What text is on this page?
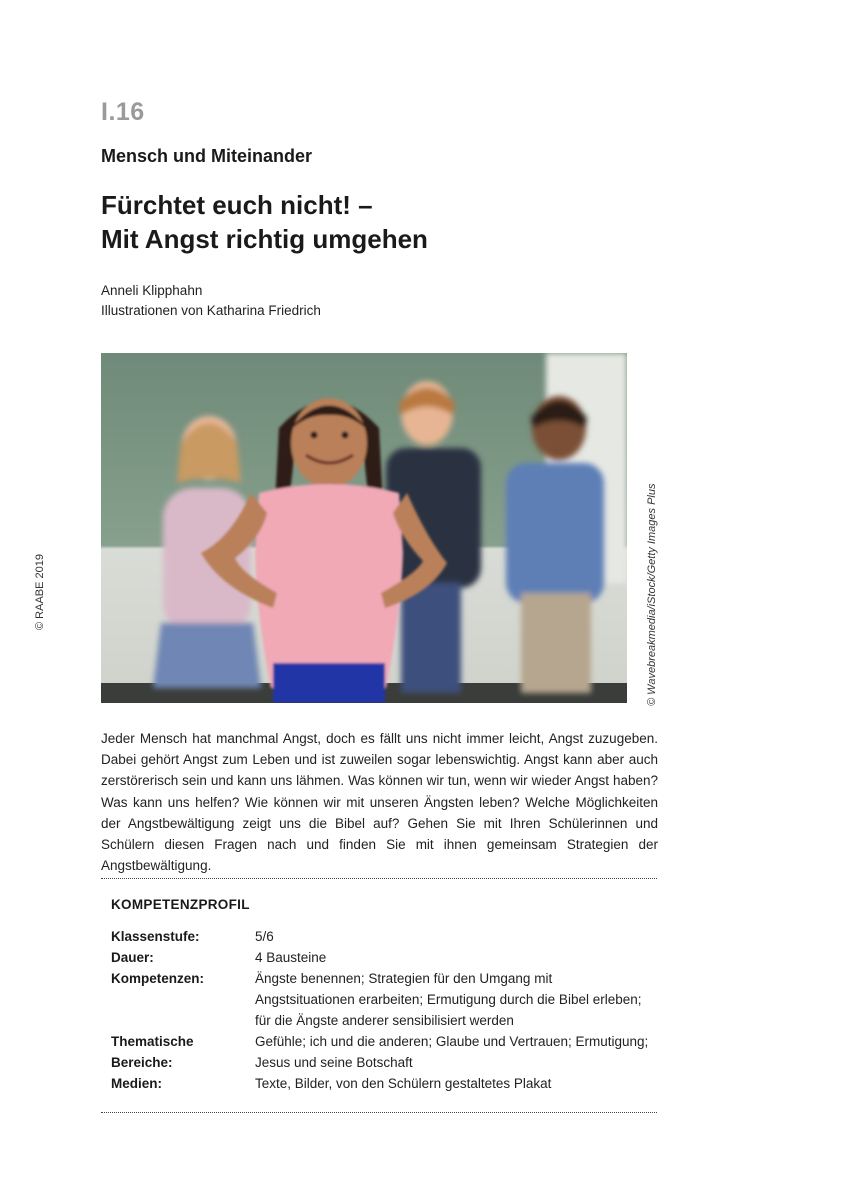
I.16
Mensch und Miteinander
Fürchtet euch nicht! –
Mit Angst richtig umgehen
Anneli Klipphahn
Illustrationen von Katharina Friedrich
© RAABE 2019	© Wavebreakmedia/iStock/Getty Images Plus

Jeder Mensch hat manchmal Angst, doch es fällt uns nicht immer leicht, Angst zuzugeben. Dabei gehört Angst zum Leben und ist zuweilen sogar lebenswichtig. Angst kann aber auch zerstörerisch sein und kann uns lähmen. Was können wir tun, wenn wir wieder Angst haben? Was kann uns helfen? Wie können wir mit unseren Ängsten leben? Welche Möglichkeiten der Angstbewältigung zeigt uns die Bibel auf? Gehen Sie mit Ihren Schülerinnen und Schülern diesen Fragen nach und finden Sie mit ihnen gemeinsam Strategien der Angstbewältigung.

KOMPETENZPROFIL
Klassenstufe:	5/6
Dauer:	4 Bausteine
Kompetenzen:	Ängste benennen; Strategien für den Umgang mit Angstsituationen erarbeiten; Ermutigung durch die Bibel erleben; für die Ängste anderer sensibilisiert werden
Thematische Bereiche:
Gefühle; ich und die anderen; Glaube und Vertrauen; Ermutigung; Jesus und seine Botschaft
Medien:	Texte, Bilder, von den Schülern gestaltetes Plakat
